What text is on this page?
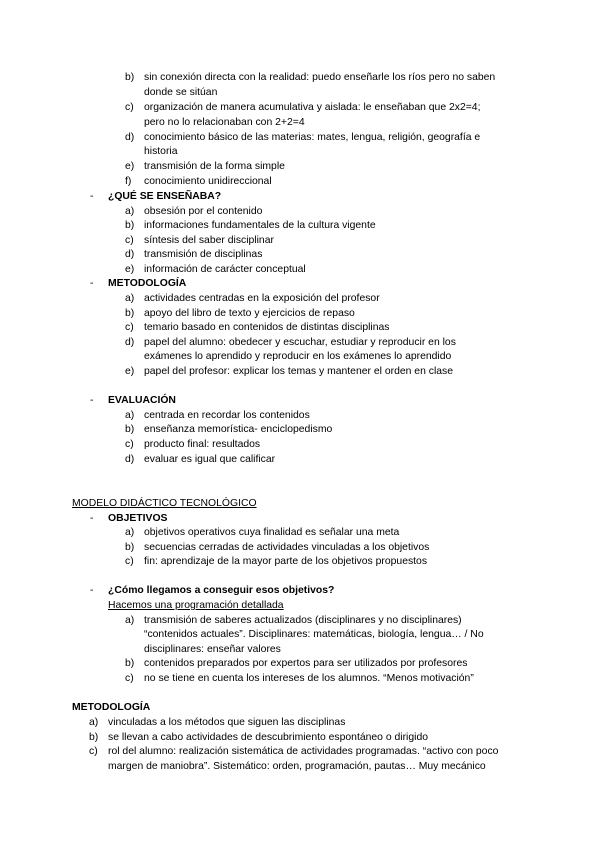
b) sin conexión directa con la realidad: puedo enseñarle los ríos pero no saben
donde se sitúan
c) organización de manera acumulativa y aislada: le enseñaban que 2x2=4;
pero no lo relacionaban con 2+2=4
d) conocimiento básico de las materias: mates, lengua, religión, geografía e
historia
e) transmisión de la forma simple
f) conocimiento unidireccional
- ¿QUÉ SE ENSEÑABA?
a) obsesión por el contenido
b) informaciones fundamentales de la cultura vigente
c) síntesis del saber disciplinar
d) transmisión de disciplinas
e) información de carácter conceptual
- METODOLOGÍA
a) actividades centradas en la exposición del profesor
b) apoyo del libro de texto y ejercicios de repaso
c) temario basado en contenidos de distintas disciplinas
d) papel del alumno: obedecer y escuchar, estudiar y reproducir en los
exámenes lo aprendido y reproducir en los exámenes lo aprendido
e) papel del profesor: explicar los temas y mantener el orden en clase
- EVALUACIÓN
a) centrada en recordar los contenidos
b) enseñanza memorística- enciclopedismo
c) producto final: resultados
d) evaluar es igual que calificar
MODELO DIDÁCTICO TECNOLÓGICO
- OBJETIVOS
a) objetivos operativos cuya finalidad es señalar una meta
b) secuencias cerradas de actividades vinculadas a los objetivos
c) fin: aprendizaje de la mayor parte de los objetivos propuestos
- ¿Cómo llegamos a conseguir esos objetivos?
Hacemos una programación detallada
a) transmisión de saberes actualizados (disciplinares y no disciplinares)
“contenidos actuales”. Disciplinares: matemáticas, biología, lengua… / No
disciplinares: enseñar valores
b) contenidos preparados por expertos para ser utilizados por profesores
c) no se tiene en cuenta los intereses de los alumnos. “Menos motivación”
METODOLOGÍA
a) vinculadas a los métodos que siguen las disciplinas
b) se llevan a cabo actividades de descubrimiento espontáneo o dirigido
c) rol del alumno: realización sistemática de actividades programadas. “activo con poco
margen de maniobra”. Sistemático: orden, programación, pautas… Muy mecánico
